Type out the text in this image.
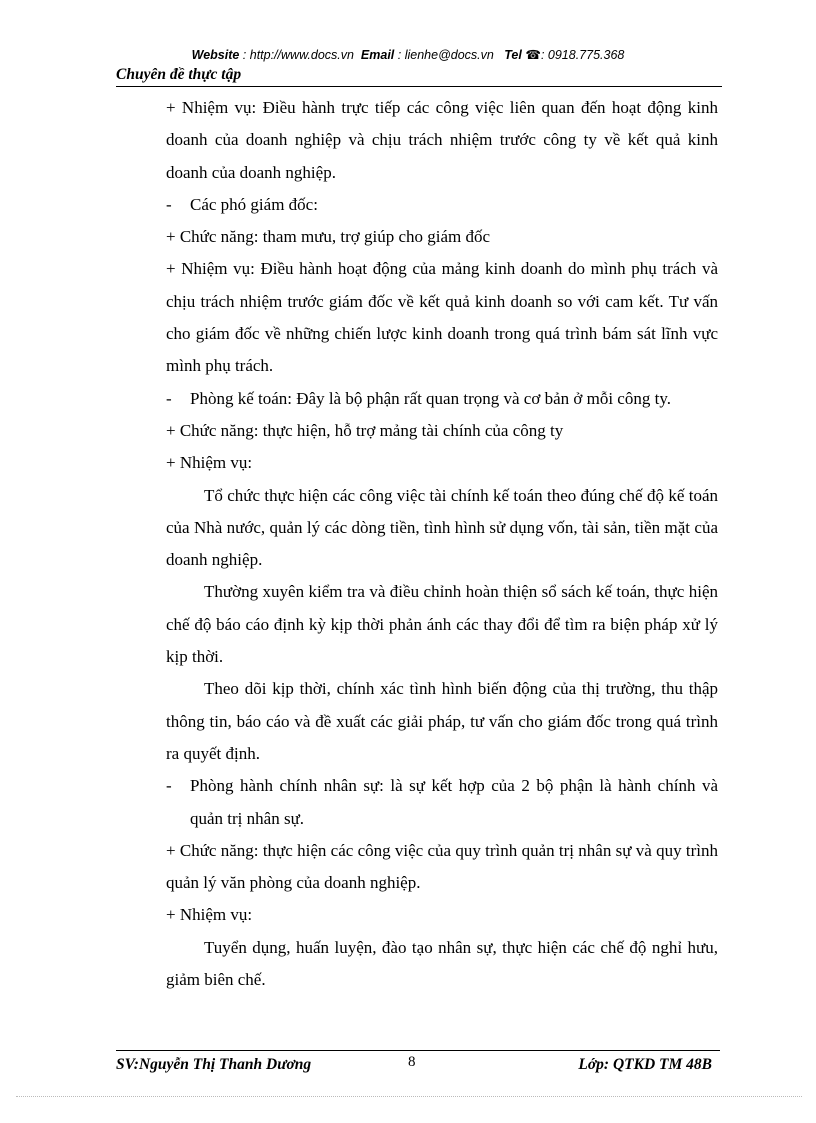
Website : http://www.docs.vn Email : lienhe@docs.vn Tel ☎: 0918.775.368
Chuyên đề thực tập

+ Nhiệm vụ: Điều hành trực tiếp các công việc liên quan đến hoạt động kinh doanh của doanh nghiệp và chịu trách nhiệm trước công ty về kết quả kinh doanh của doanh nghiệp.

- Các phó giám đốc:

+ Chức năng: tham mưu, trợ giúp cho giám đốc

+ Nhiệm vụ: Điều hành hoạt động của mảng kinh doanh do mình phụ trách và chịu trách nhiệm trước giám đốc về kết quả kinh doanh so với cam kết. Tư vấn cho giám đốc về những chiến lược kinh doanh trong quá trình bám sát lĩnh vực mình phụ trách.

- Phòng kế toán: Đây là bộ phận rất quan trọng và cơ bản ở mỗi công ty.

+ Chức năng: thực hiện, hỗ trợ mảng tài chính của công ty

+ Nhiệm vụ:

Tổ chức thực hiện các công việc tài chính kế toán theo đúng chế độ kế toán của Nhà nước, quản lý các dòng tiền, tình hình sử dụng vốn, tài sản, tiền mặt của doanh nghiệp.

Thường xuyên kiểm tra và điều chỉnh hoàn thiện sổ sách kế toán, thực hiện chế độ báo cáo định kỳ kịp thời phản ánh các thay đổi để tìm ra biện pháp xử lý kịp thời.

Theo dõi kịp thời, chính xác tình hình biến động của thị trường, thu thập thông tin, báo cáo và đề xuất các giải pháp, tư vấn cho giám đốc trong quá trình ra quyết định.

- Phòng hành chính nhân sự: là sự kết hợp của 2 bộ phận là hành chính và quản trị nhân sự.

+ Chức năng: thực hiện các công việc của quy trình quản trị nhân sự và quy trình quản lý văn phòng của doanh nghiệp.

+ Nhiệm vụ:

Tuyển dụng, huấn luyện, đào tạo nhân sự, thực hiện các chế độ nghỉ hưu, giảm biên chế.

SV:Nguyễn Thị Thanh Dương	8	Lớp: QTKD TM 48B
